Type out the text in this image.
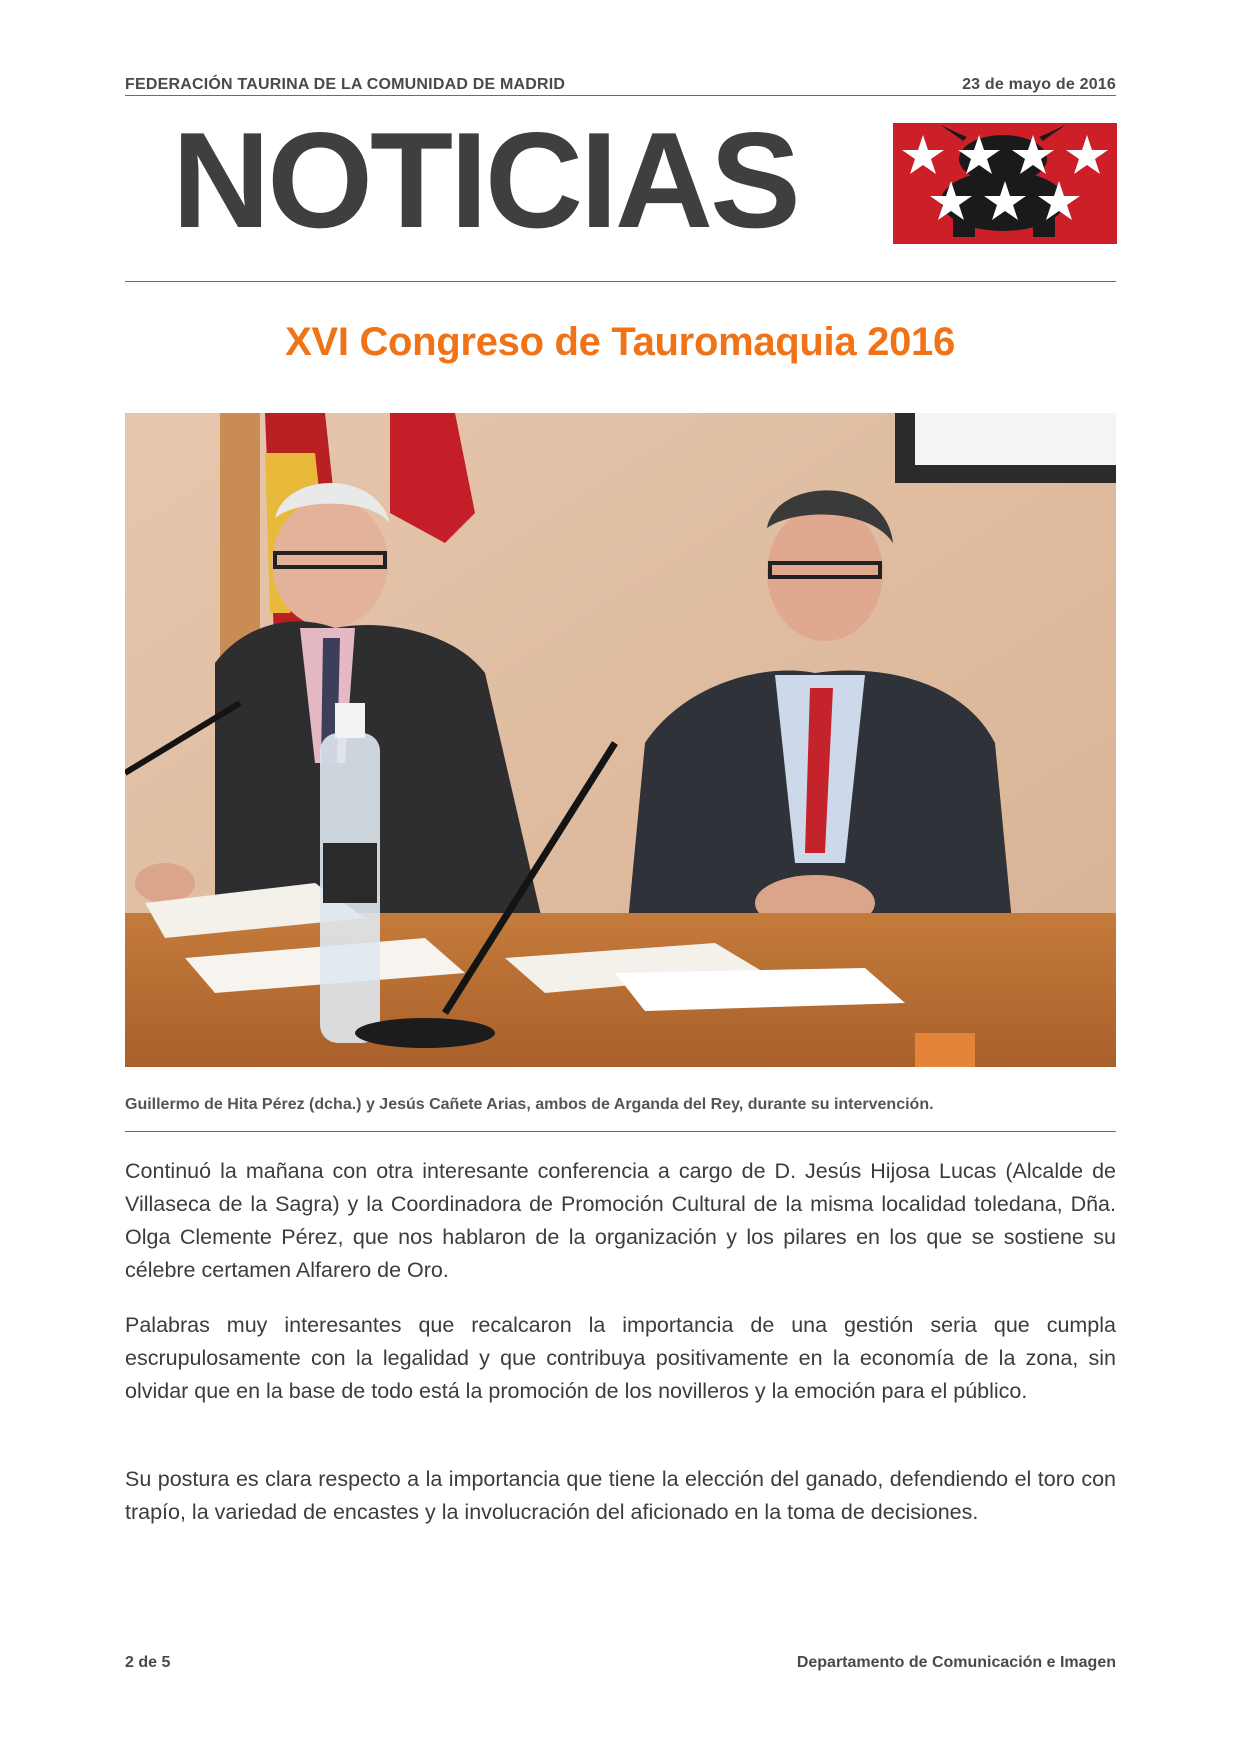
FEDERACIÓN TAURINA DE LA COMUNIDAD DE MADRID	23 de mayo de 2016
NOTICIAS
XVI Congreso de Tauromaquia 2016
Guillermo de Hita Pérez (dcha.) y Jesús Cañete Arias, ambos de Arganda del Rey, durante su intervención.

Continuó la mañana con otra interesante conferencia a cargo de D. Jesús Hijosa Lucas (Alcalde de Villaseca de la Sagra) y la Coordinadora de Promoción Cultural de la misma localidad toledana, Dña. Olga Clemente Pérez, que nos hablaron de la organización y los pilares en los que se sostiene su célebre certamen Alfarero de Oro.

Palabras muy interesantes que recalcaron la importancia de una gestión seria que cumpla escrupulosamente con la legalidad y que contribuya positivamente en la economía de la zona, sin olvidar que en la base de todo está la promoción de los novilleros y la emoción para el público.

Su postura es clara respecto a la importancia que tiene la elección del ganado, defendiendo el toro con trapío, la variedad de encastes y la involucración del aficionado en la toma de decisiones.

2 de 5	Departamento de Comunicación e Imagen
